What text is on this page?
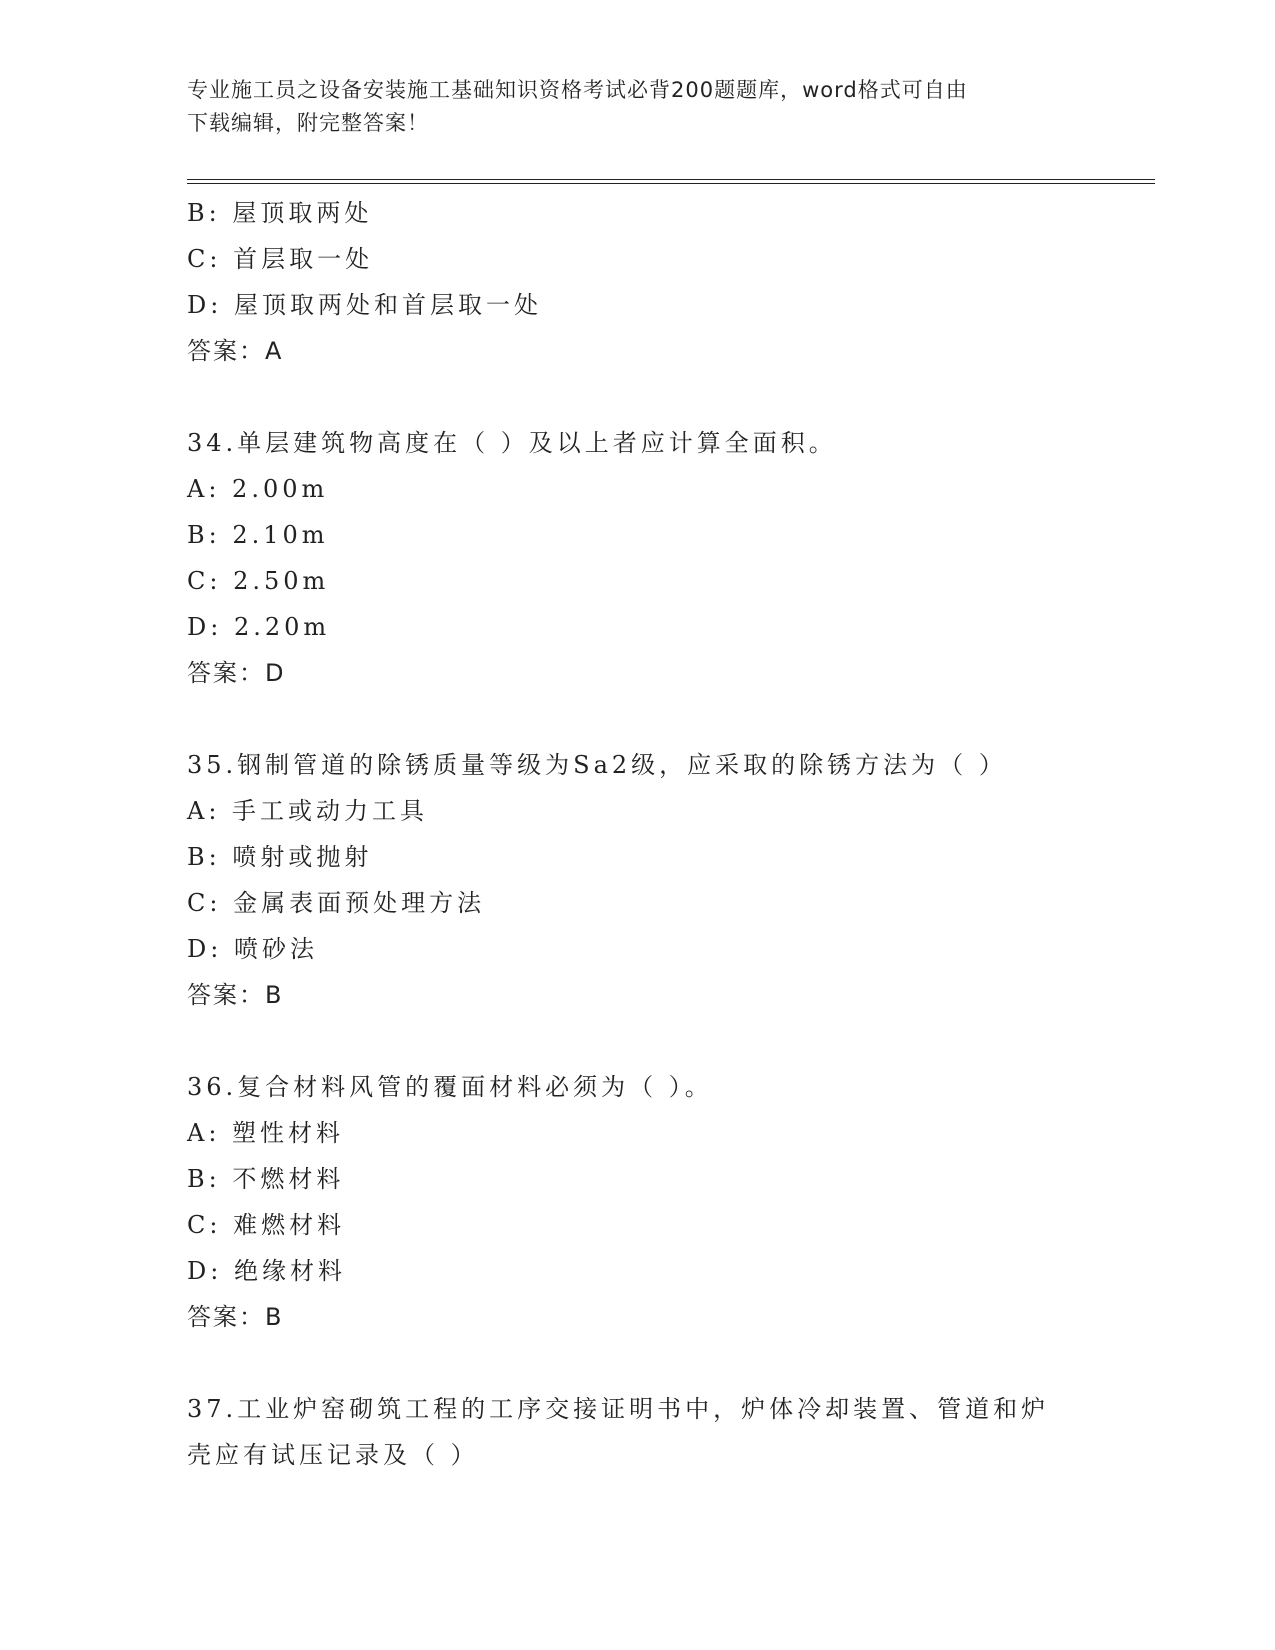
专业施工员之设备安装施工基础知识资格考试必背200题题库，word格式可自由
下载编辑，附完整答案！
B: 屋顶取两处
C: 首层取一处
D: 屋顶取两处和首层取一处
答案：A
34.单层建筑物高度在（ ）及以上者应计算全面积。
A: 2.00m
B: 2.10m
C: 2.50m
D: 2.20m
答案：D
35.钢制管道的除锈质量等级为Sa2级，应采取的除锈方法为（ ）
A: 手工或动力工具
B: 喷射或抛射
C: 金属表面预处理方法
D: 喷砂法
答案：B
36.复合材料风管的覆面材料必须为（ ）。
A: 塑性材料
B: 不燃材料
C: 难燃材料
D: 绝缘材料
答案：B
37.工业炉窑砌筑工程的工序交接证明书中，炉体冷却装置、管道和炉
壳应有试压记录及（ ）
